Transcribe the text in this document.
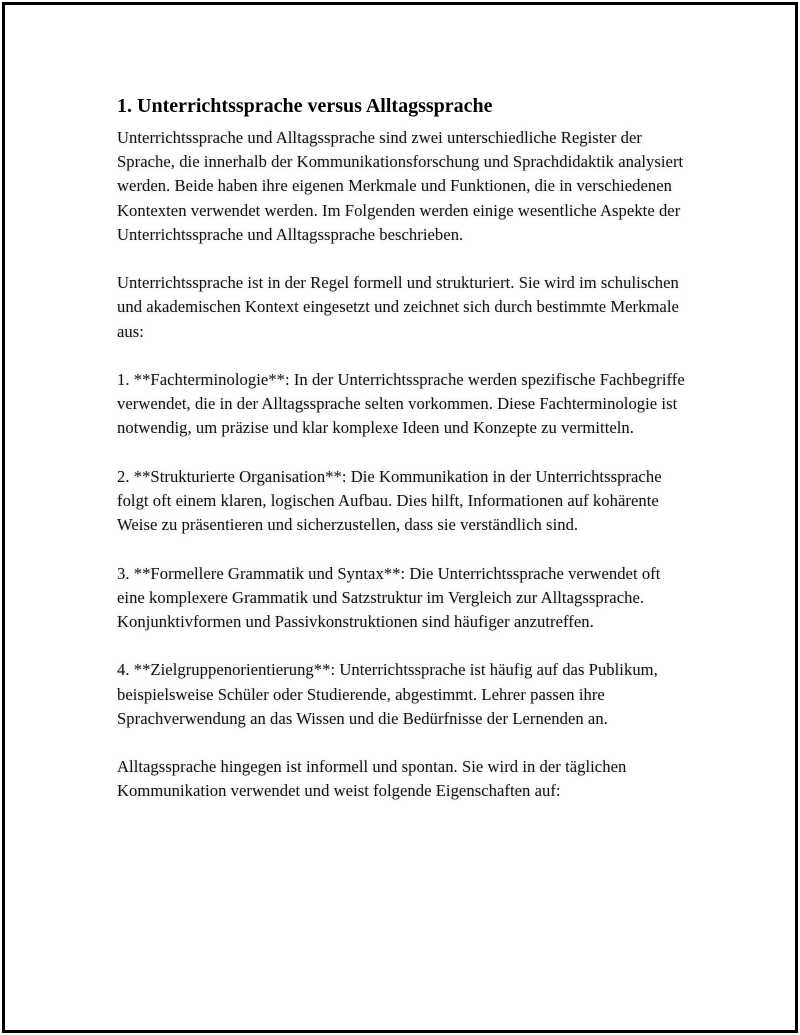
1. Unterrichtssprache versus Alltagssprache

Unterrichtssprache und Alltagssprache sind zwei unterschiedliche Register der Sprache, die innerhalb der Kommunikationsforschung und Sprachdidaktik analysiert werden. Beide haben ihre eigenen Merkmale und Funktionen, die in verschiedenen Kontexten verwendet werden. Im Folgenden werden einige wesentliche Aspekte der Unterrichtssprache und Alltagssprache beschrieben.

Unterrichtssprache ist in der Regel formell und strukturiert. Sie wird im schulischen und akademischen Kontext eingesetzt und zeichnet sich durch bestimmte Merkmale aus:

1. **Fachterminologie**: In der Unterrichtssprache werden spezifische Fachbegriffe verwendet, die in der Alltagssprache selten vorkommen. Diese Fachterminologie ist notwendig, um präzise und klar komplexe Ideen und Konzepte zu vermitteln.

2. **Strukturierte Organisation**: Die Kommunikation in der Unterrichtssprache folgt oft einem klaren, logischen Aufbau. Dies hilft, Informationen auf kohärente Weise zu präsentieren und sicherzustellen, dass sie verständlich sind.

3. **Formellere Grammatik und Syntax**: Die Unterrichtssprache verwendet oft eine komplexere Grammatik und Satzstruktur im Vergleich zur Alltagssprache. Konjunktivformen und Passivkonstruktionen sind häufiger anzutreffen.

4. **Zielgruppenorientierung**: Unterrichtssprache ist häufig auf das Publikum, beispielsweise Schüler oder Studierende, abgestimmt. Lehrer passen ihre Sprachverwendung an das Wissen und die Bedürfnisse der Lernenden an.

Alltagssprache hingegen ist informell und spontan. Sie wird in der täglichen Kommunikation verwendet und weist folgende Eigenschaften auf:
